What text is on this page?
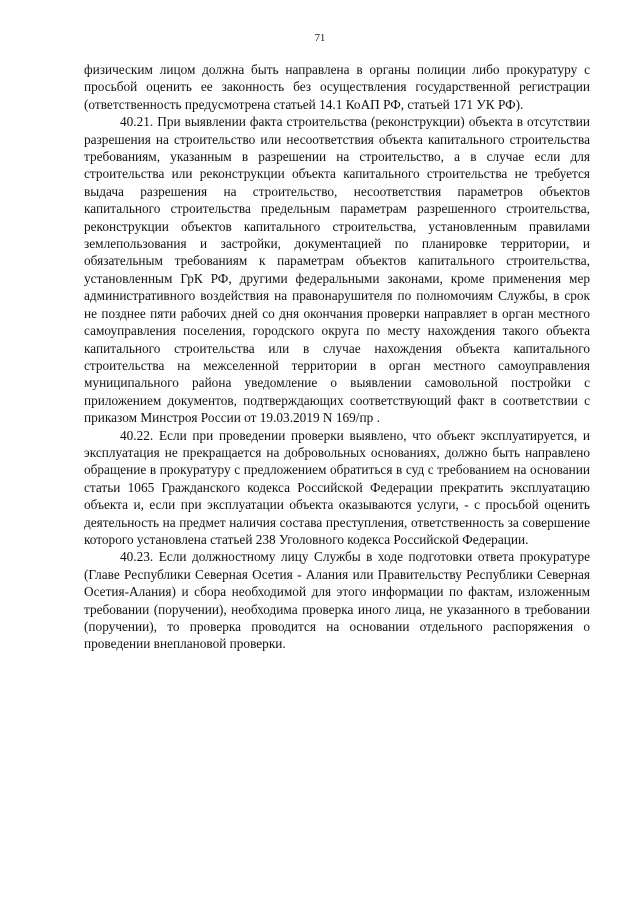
71

физическим лицом должна быть направлена в органы полиции либо прокуратуру с просьбой оценить ее законность без осуществления государственной регистрации (ответственность предусмотрена статьей 14.1 КоАП РФ, статьей 171 УК РФ).

40.21. При выявлении факта строительства (реконструкции) объекта в отсутствии разрешения на строительство или несоответствия объекта капитального строительства требованиям, указанным в разрешении на строительство, а в случае если для строительства или реконструкции объекта капитального строительства не требуется выдача разрешения на строительство, несоответствия параметров объектов капитального строительства предельным параметрам разрешенного строительства, реконструкции объектов капитального строительства, установленным правилами землепользования и застройки, документацией по планировке территории, и обязательным требованиям к параметрам объектов капитального строительства, установленным ГрК РФ, другими федеральными законами, кроме применения мер административного воздействия на правонарушителя по полномочиям Службы, в срок не позднее пяти рабочих дней со дня окончания проверки направляет в орган местного самоуправления поселения, городского округа по месту нахождения такого объекта капитального строительства или в случае нахождения объекта капитального строительства на межселенной территории в орган местного самоуправления муниципального района уведомление о выявлении самовольной постройки с приложением документов, подтверждающих соответствующий факт в соответствии с приказом Минстроя России от 19.03.2019 N 169/пр .

40.22. Если при проведении проверки выявлено, что объект эксплуатируется, и эксплуатация не прекращается на добровольных основаниях, должно быть направлено обращение в прокуратуру с предложением обратиться в суд с требованием на основании статьи 1065 Гражданского кодекса Российской Федерации прекратить эксплуатацию объекта и, если при эксплуатации объекта оказываются услуги, - с просьбой оценить деятельность на предмет наличия состава преступления, ответственность за совершение которого установлена статьей 238 Уголовного кодекса Российской Федерации.

40.23. Если должностному лицу Службы в ходе подготовки ответа прокуратуре (Главе Республики Северная Осетия - Алания или Правительству Республики Северная Осетия-Алания) и сбора необходимой для этого информации по фактам, изложенным требовании (поручении), необходима проверка иного лица, не указанного в требовании (поручении), то проверка проводится на основании отдельного распоряжения о проведении внеплановой проверки.
